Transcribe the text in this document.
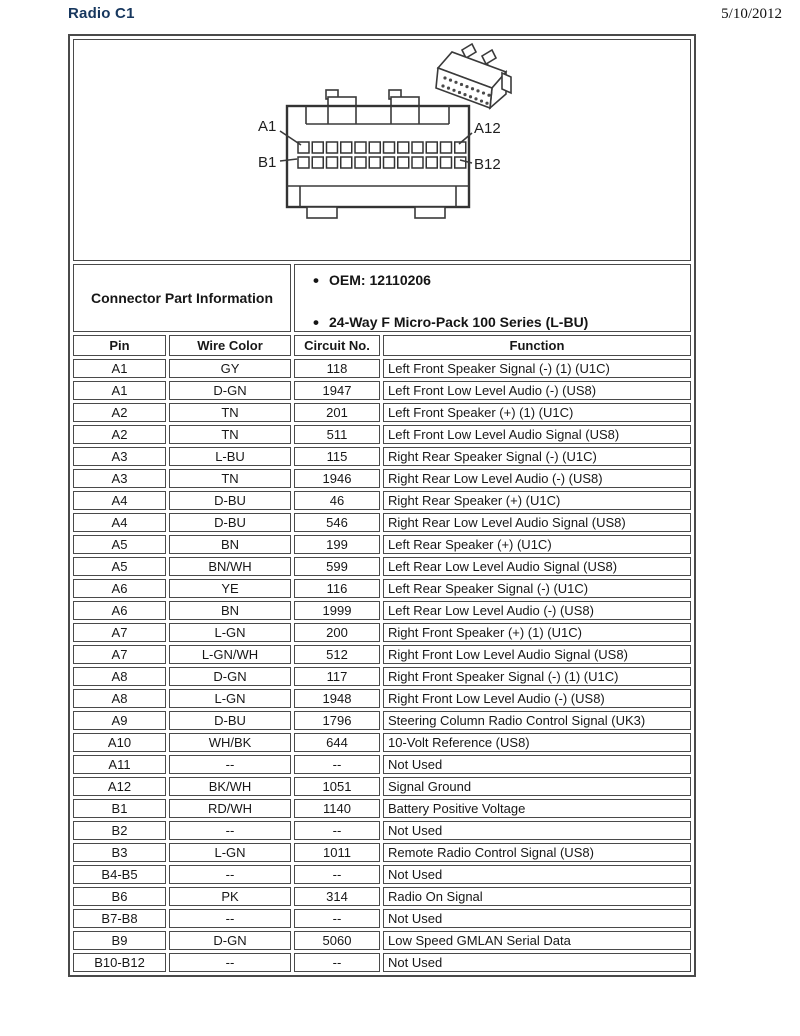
Radio C1	5/10/2012
A1
B1
A12
B12			

Connector Part Information	
• OEM: 12110206
• 24-Way F Micro-Pack 100 Series (L-BU)

Pin	Wire Color	Circuit No.	Function
A1	GY	118	Left Front Speaker Signal (-) (1) (U1C)
A1	D-GN	1947	Left Front Low Level Audio (-) (US8)
A2	TN	201	Left Front Speaker (+) (1) (U1C)
A2	TN	511	Left Front Low Level Audio Signal (US8)
A3	L-BU	115	Right Rear Speaker Signal (-) (U1C)
A3	TN	1946	Right Rear Low Level Audio (-) (US8)
A4	D-BU	46	Right Rear Speaker (+) (U1C)
A4	D-BU	546	Right Rear Low Level Audio Signal (US8)
A5	BN	199	Left Rear Speaker (+) (U1C)
A5	BN/WH	599	Left Rear Low Level Audio Signal (US8)
A6	YE	116	Left Rear Speaker Signal (-) (U1C)
A6	BN	1999	Left Rear Low Level Audio (-) (US8)
A7	L-GN	200	Right Front Speaker (+) (1) (U1C)
A7	L-GN/WH	512	Right Front Low Level Audio Signal (US8)
A8	D-GN	117	Right Front Speaker Signal (-) (1) (U1C)
A8	L-GN	1948	Right Front Low Level Audio (-) (US8)
A9	D-BU	1796	Steering Column Radio Control Signal (UK3)
A10	WH/BK	644	10-Volt Reference (US8)
A11	--	--	Not Used
A12	BK/WH	1051	Signal Ground
B1	RD/WH	1140	Battery Positive Voltage
B2	--	--	Not Used
B3	L-GN	1011	Remote Radio Control Signal (US8)
B4-B5	--	--	Not Used
B6	PK	314	Radio On Signal
B7-B8	--	--	Not Used
B9	D-GN	5060	Low Speed GMLAN Serial Data
B10-B12	--	--	Not Used
